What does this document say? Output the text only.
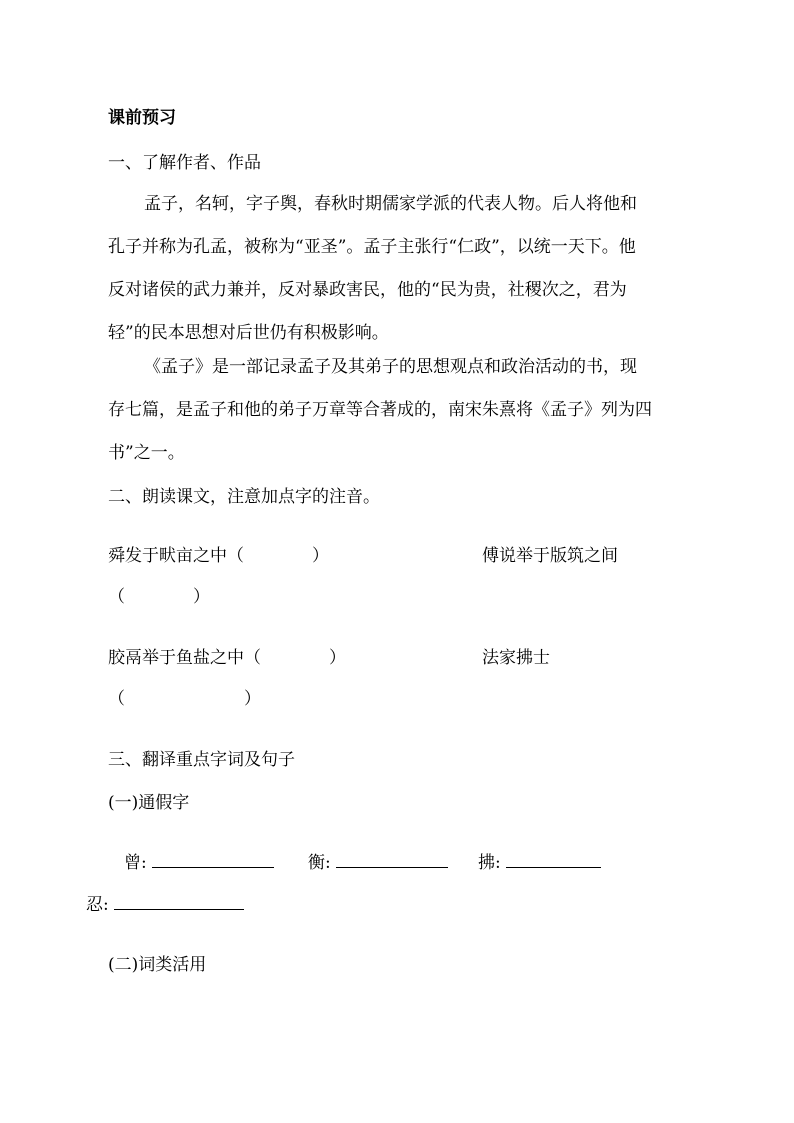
课前预习
一、了解作者、作品
孟子，名轲，字子舆，春秋时期儒家学派的代表人物。后人将他和
孔子并称为孔孟，被称为“亚圣”。孟子主张行“仁政”，以统一天下。他
反对诸侯的武力兼并，反对暴政害民，他的“民为贵，社稷次之，君为
轻”的民本思想对后世仍有积极影响。
《孟子》是一部记录孟子及其弟子的思想观点和政治活动的书，现
存七篇，是孟子和他的弟子万章等合著成的，南宋朱熹将《孟子》列为四
书”之一。
二、朗读课文，注意加点字的注音。
舜发于畎亩之中（　　　　）	傅说举于版筑之间
（　　　　）
胶鬲举于鱼盐之中（　　　　）	法家拂士
（　　　　　　　）
三、翻译重点字词及句子
(一)通假字
曾:	衡:	拂:
忍:
(二)词类活用
